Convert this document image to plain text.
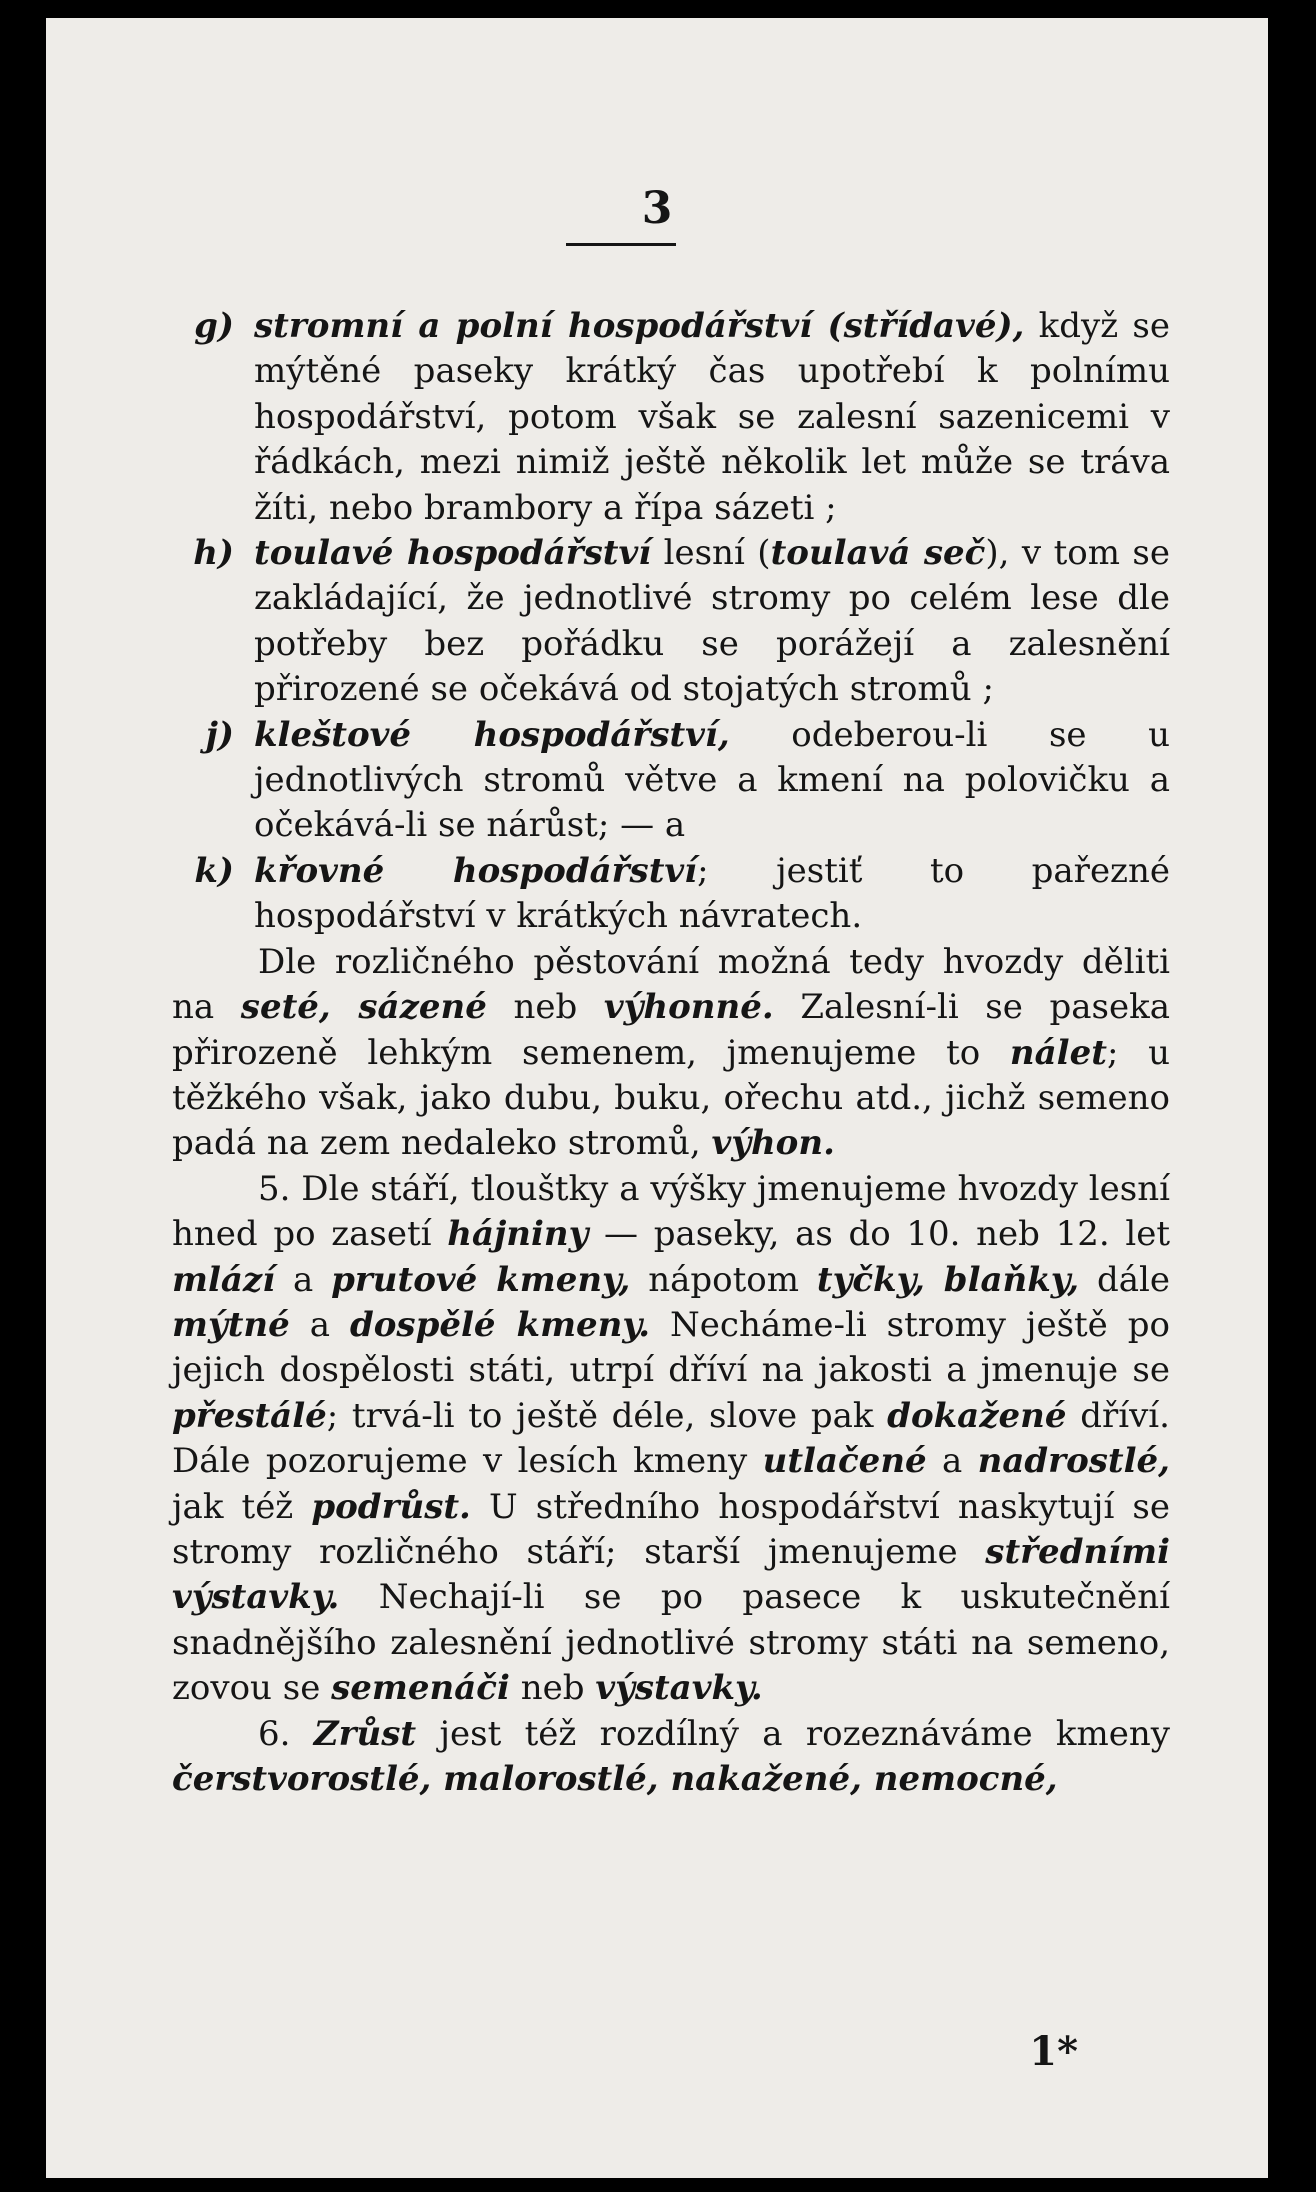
3

g) stromní a polní hospodářství (střídavé), když se mýtěné paseky krátký čas upotřebí k polnímu hospodářství, potom však se zalesní sazenicemi v řádkách, mezi nimiž ještě několik let může se tráva žíti, nebo brambory a řípa sázeti ;

h) toulavé hospodářství lesní (toulavá seč), v tom se zakládající, že jednotlivé stromy po celém lese dle potřeby bez pořádku se porážejí a zalesnění přirozené se očekává od stojatých stromů ;

j) kleštové hospodářství, odeberou-li se u jednotlivých stromů větve a kmení na polovičku a očekává-li se nárůst; — a

k) křovné hospodářství; jestiť to pařezné hospodářství v krátkých návratech.

Dle rozličného pěstování možná tedy hvozdy děliti na seté, sázené neb výhonné. Zalesní-li se paseka přirozeně lehkým semenem, jmenujeme to nálet; u těžkého však, jako dubu, buku, ořechu atd., jichž semeno padá na zem nedaleko stromů, výhon.

5. Dle stáří, tlouštky a výšky jmenujeme hvozdy lesní hned po zasetí hájniny — paseky, as do 10. neb 12. let mlází a prutové kmeny, nápotom tyčky, blaňky, dále mýtné a dospělé kmeny. Necháme-li stromy ještě po jejich dospělosti státi, utrpí dříví na jakosti a jmenuje se přestálé; trvá-li to ještě déle, slove pak dokažené dříví. Dále pozorujeme v lesích kmeny utlačené a nadrostlé, jak též podrůst. U středního hospodářství naskytují se stromy rozličného stáří; starší jmenujeme středními výstavky. Nechají-li se po pasece k uskutečnění snadnějšího zalesnění jednotlivé stromy státi na semeno, zovou se semenáči neb výstavky.

6. Zrůst jest též rozdílný a rozeznáváme kmeny čerstvorostlé, malorostlé, nakažené, nemocné,

1*
